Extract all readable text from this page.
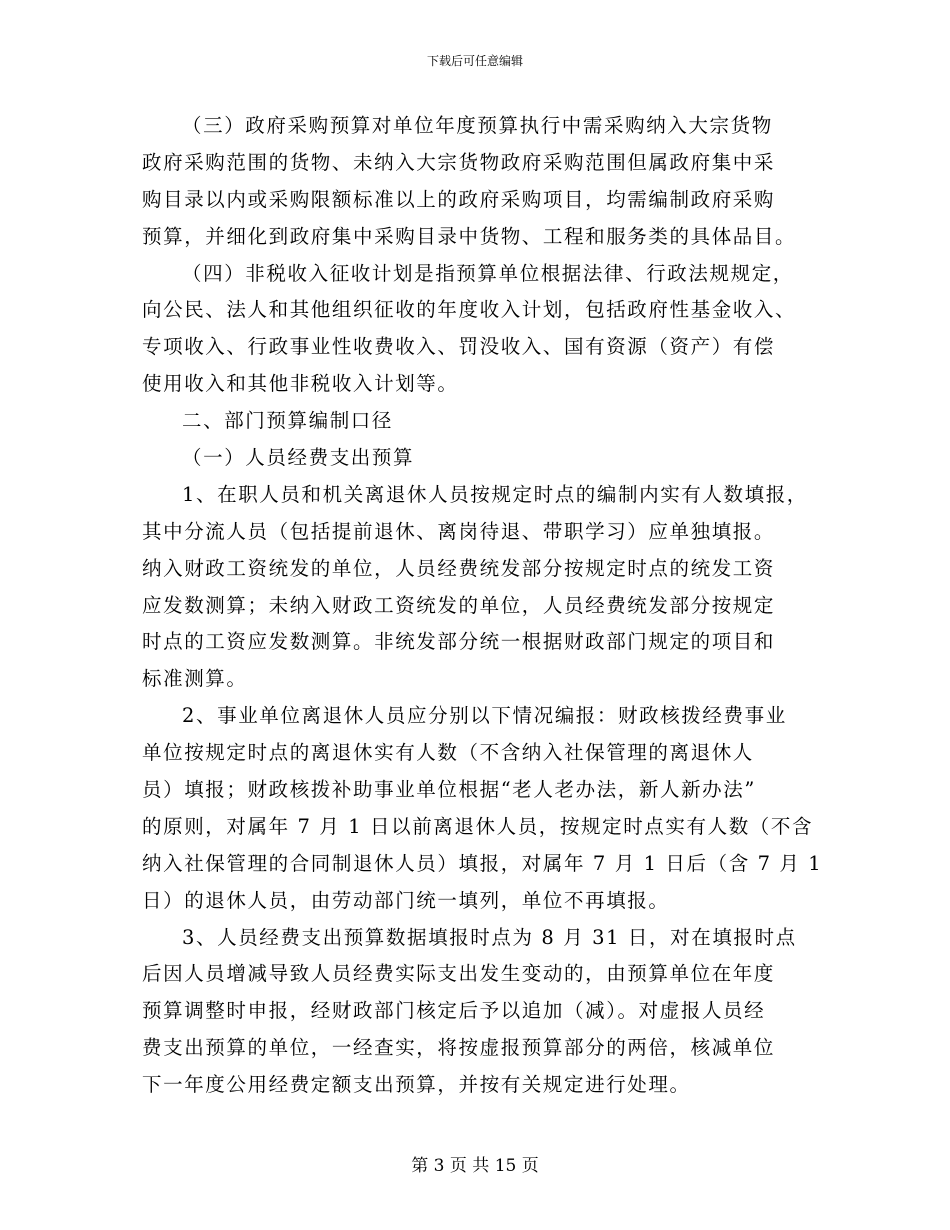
下载后可任意编辑
（三）政府采购预算对单位年度预算执行中需采购纳入大宗货物
政府采购范围的货物、未纳入大宗货物政府采购范围但属政府集中采
购目录以内或采购限额标准以上的政府采购项目，均需编制政府采购
预算，并细化到政府集中采购目录中货物、工程和服务类的具体品目。
（四）非税收入征收计划是指预算单位根据法律、行政法规规定，
向公民、法人和其他组织征收的年度收入计划，包括政府性基金收入、
专项收入、行政事业性收费收入、罚没收入、国有资源（资产）有偿
使用收入和其他非税收入计划等。
二、部门预算编制口径
（一）人员经费支出预算
1、在职人员和机关离退休人员按规定时点的编制内实有人数填报，
其中分流人员（包括提前退休、离岗待退、带职学习）应单独填报。
纳入财政工资统发的单位，人员经费统发部分按规定时点的统发工资
应发数测算；未纳入财政工资统发的单位，人员经费统发部分按规定
时点的工资应发数测算。非统发部分统一根据财政部门规定的项目和
标准测算。
2、事业单位离退休人员应分别以下情况编报：财政核拨经费事业
单位按规定时点的离退休实有人数（不含纳入社保管理的离退休人
员）填报；财政核拨补助事业单位根据“老人老办法，新人新办法”
的原则，对属年 7 月 1 日以前离退休人员，按规定时点实有人数（不含
纳入社保管理的合同制退休人员）填报，对属年 7 月 1 日后（含 7 月 1
日）的退休人员，由劳动部门统一填列，单位不再填报。
3、人员经费支出预算数据填报时点为 8 月 31 日，对在填报时点
后因人员增减导致人员经费实际支出发生变动的，由预算单位在年度
预算调整时申报，经财政部门核定后予以追加（减）。对虚报人员经
费支出预算的单位，一经查实，将按虚报预算部分的两倍，核减单位
下一年度公用经费定额支出预算，并按有关规定进行处理。
第 3 页 共 15 页
